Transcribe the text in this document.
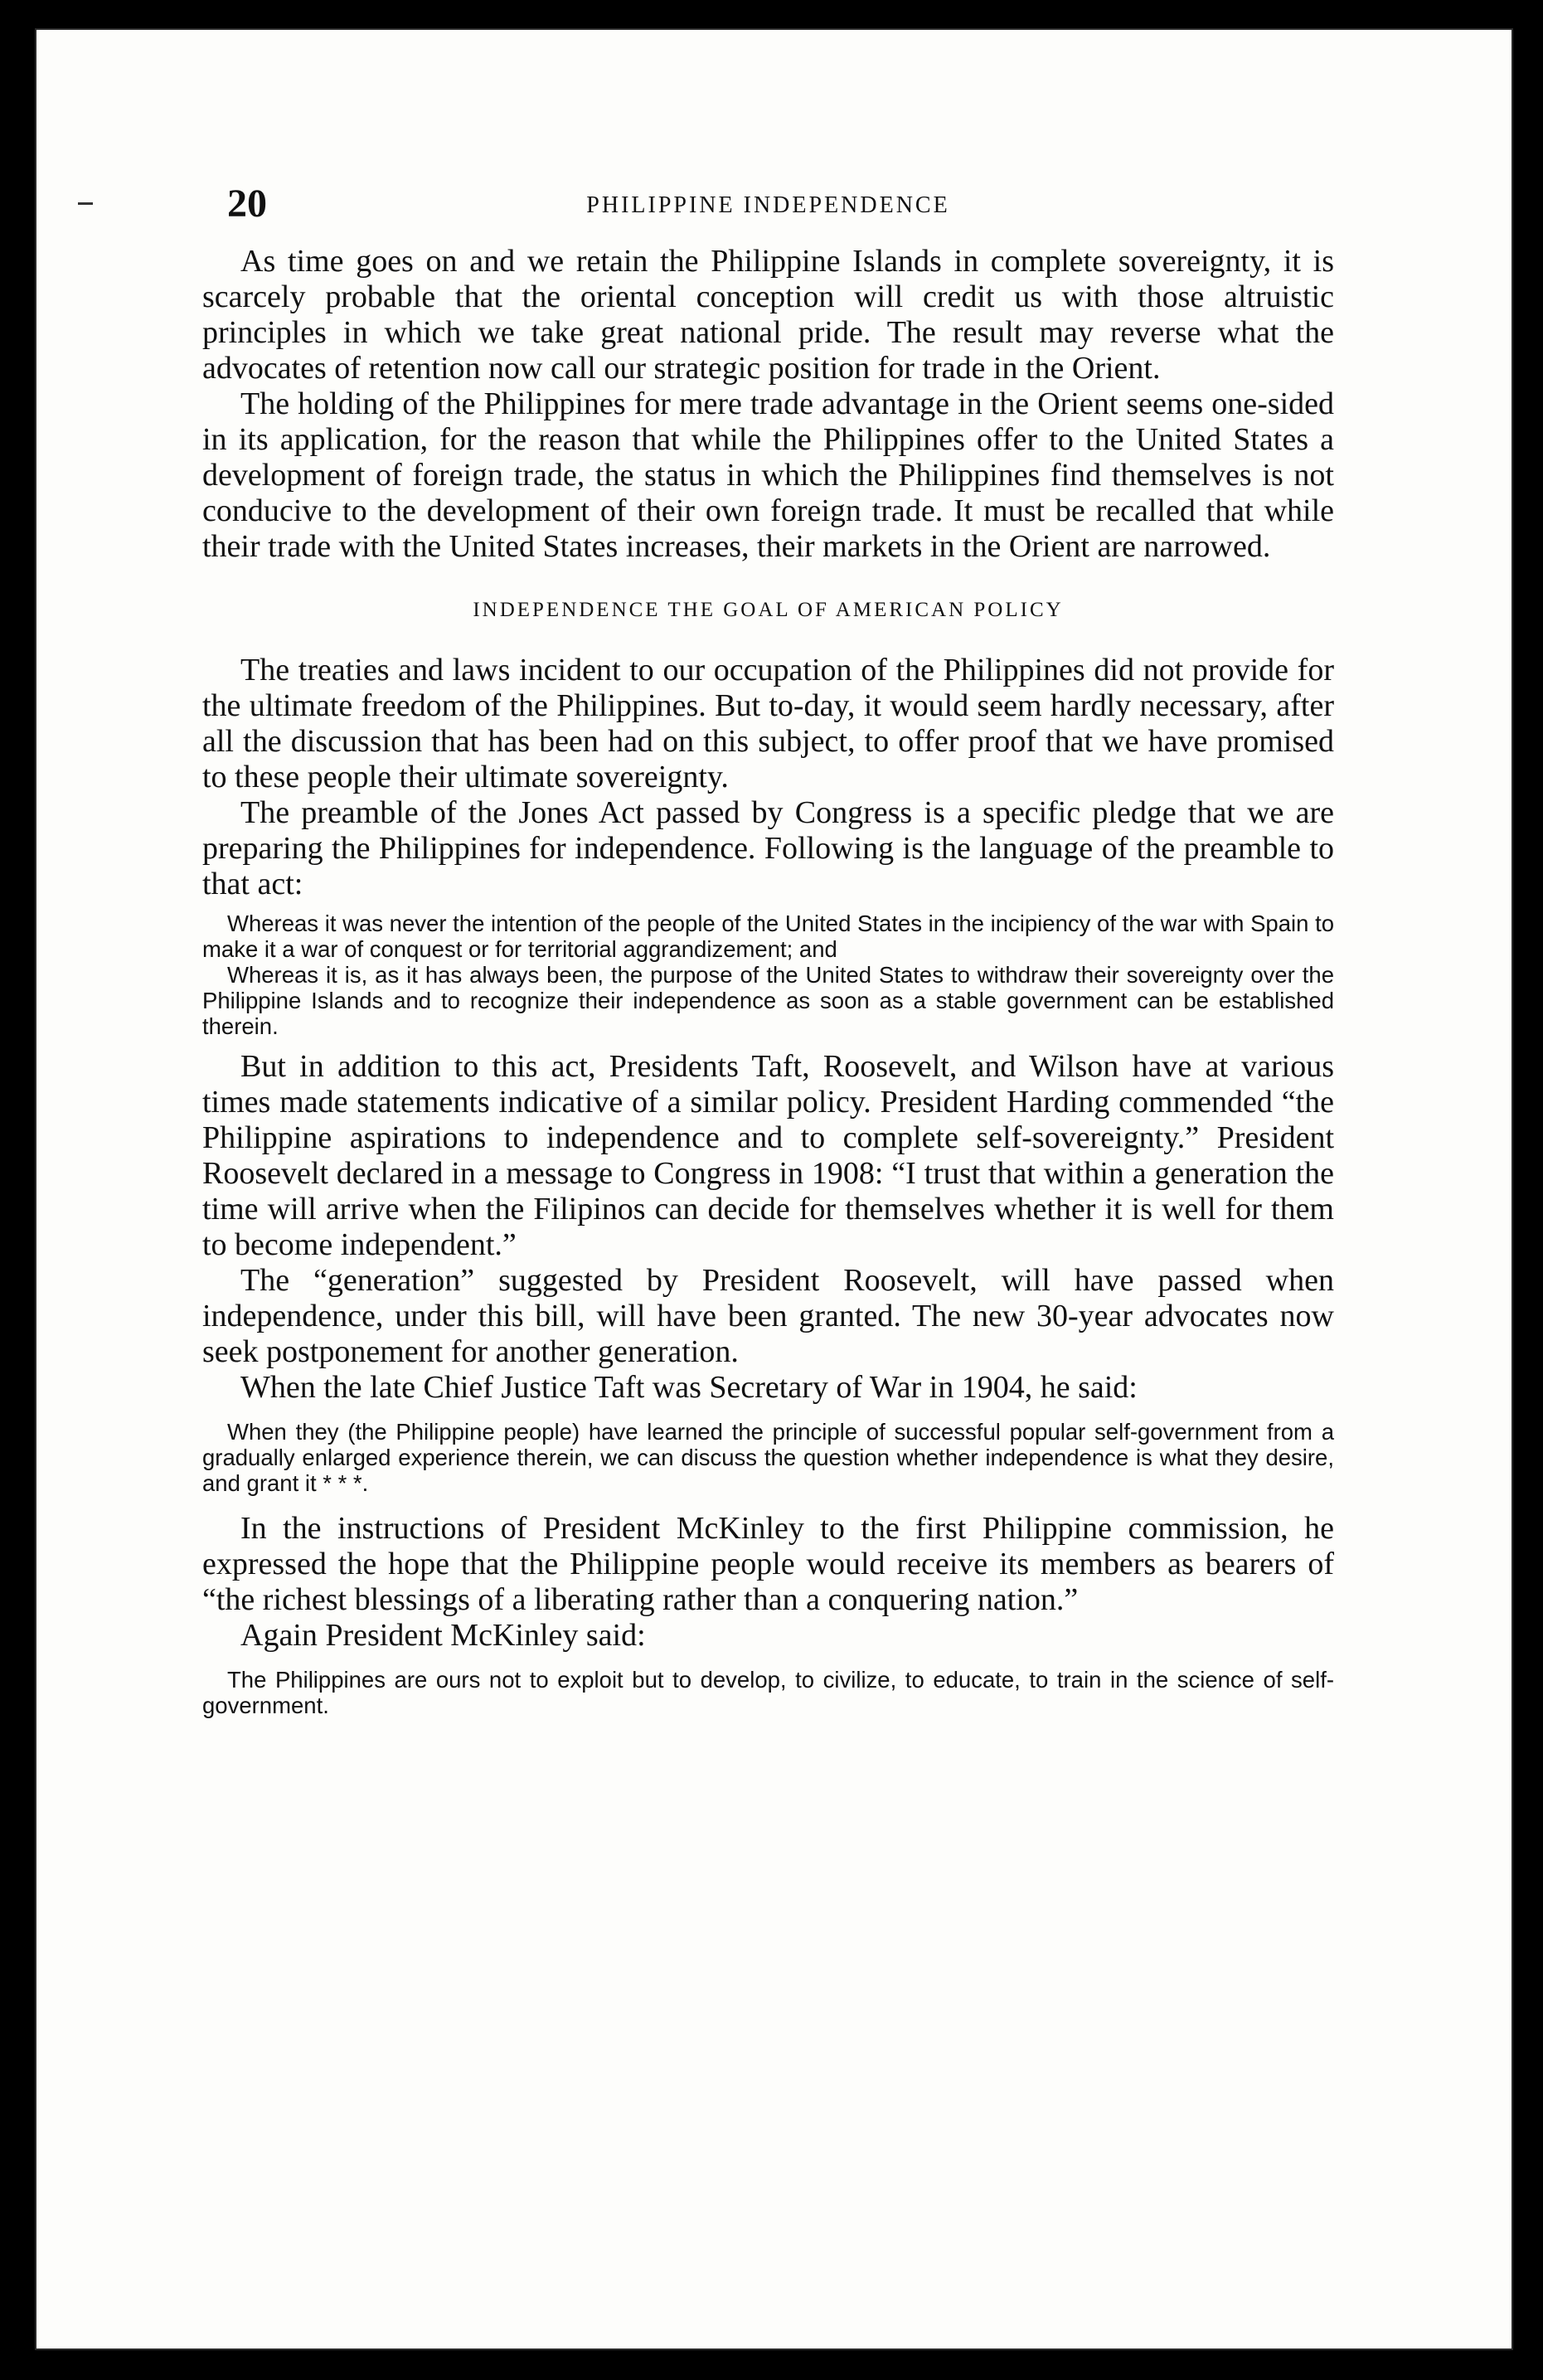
20	PHILIPPINE INDEPENDENCE

As time goes on and we retain the Philippine Islands in complete sovereignty, it is scarcely probable that the oriental conception will credit us with those altruistic principles in which we take great national pride. The result may reverse what the advocates of retention now call our strategic position for trade in the Orient.

The holding of the Philippines for mere trade advantage in the Orient seems one-sided in its application, for the reason that while the Philippines offer to the United States a development of foreign trade, the status in which the Philippines find themselves is not conducive to the development of their own foreign trade. It must be recalled that while their trade with the United States increases, their markets in the Orient are narrowed.

INDEPENDENCE THE GOAL OF AMERICAN POLICY

The treaties and laws incident to our occupation of the Philippines did not provide for the ultimate freedom of the Philippines. But to-day, it would seem hardly necessary, after all the discussion that has been had on this subject, to offer proof that we have promised to these people their ultimate sovereignty.

The preamble of the Jones Act passed by Congress is a specific pledge that we are preparing the Philippines for independence. Following is the language of the preamble to that act:

Whereas it was never the intention of the people of the United States in the incipiency of the war with Spain to make it a war of conquest or for territorial aggrandizement; and

Whereas it is, as it has always been, the purpose of the United States to withdraw their sovereignty over the Philippine Islands and to recognize their independence as soon as a stable government can be established therein.

But in addition to this act, Presidents Taft, Roosevelt, and Wilson have at various times made statements indicative of a similar policy. President Harding commended “the Philippine aspirations to independence and to complete self-sovereignty.” President Roosevelt declared in a message to Congress in 1908: “I trust that within a generation the time will arrive when the Filipinos can decide for themselves whether it is well for them to become independent.”

The “generation” suggested by President Roosevelt, will have passed when independence, under this bill, will have been granted. The new 30-year advocates now seek postponement for another generation.

When the late Chief Justice Taft was Secretary of War in 1904, he said:

When they (the Philippine people) have learned the principle of successful popular self-government from a gradually enlarged experience therein, we can discuss the question whether independence is what they desire, and grant it * * *.

In the instructions of President McKinley to the first Philippine commission, he expressed the hope that the Philippine people would receive its members as bearers of “the richest blessings of a liberating rather than a conquering nation.”

Again President McKinley said:

The Philippines are ours not to exploit but to develop, to civilize, to educate, to train in the science of self-government.
